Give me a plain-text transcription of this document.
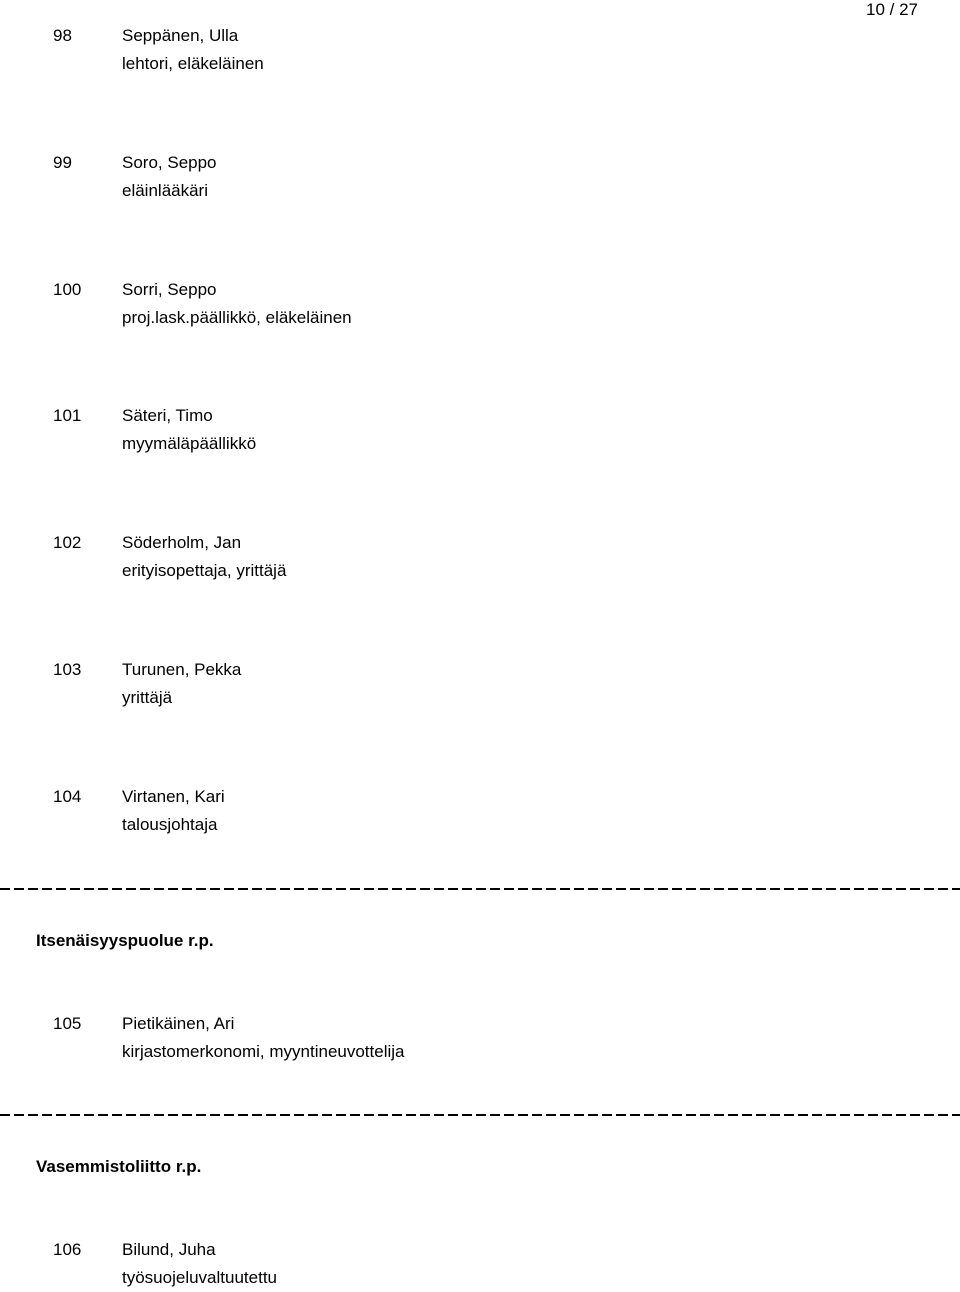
10 / 27
98	Seppänen, Ulla
lehtori, eläkeläinen
99	Soro, Seppo
eläinlääkäri
100 Sorri, Seppo
proj.lask.päällikkö, eläkeläinen
101 Säteri, Timo
myymäläpäällikkö
102 Söderholm, Jan
erityisopettaja, yrittäjä
103 Turunen, Pekka
yrittäjä
104 Virtanen, Kari
talousjohtaja
Itsenäisyyspuolue r.p.
105 Pietikäinen, Ari
kirjastomerkonomi, myyntineuvottelija
Vasemmistoliitto r.p.
106 Bilund, Juha
työsuojeluvaltuutettu
